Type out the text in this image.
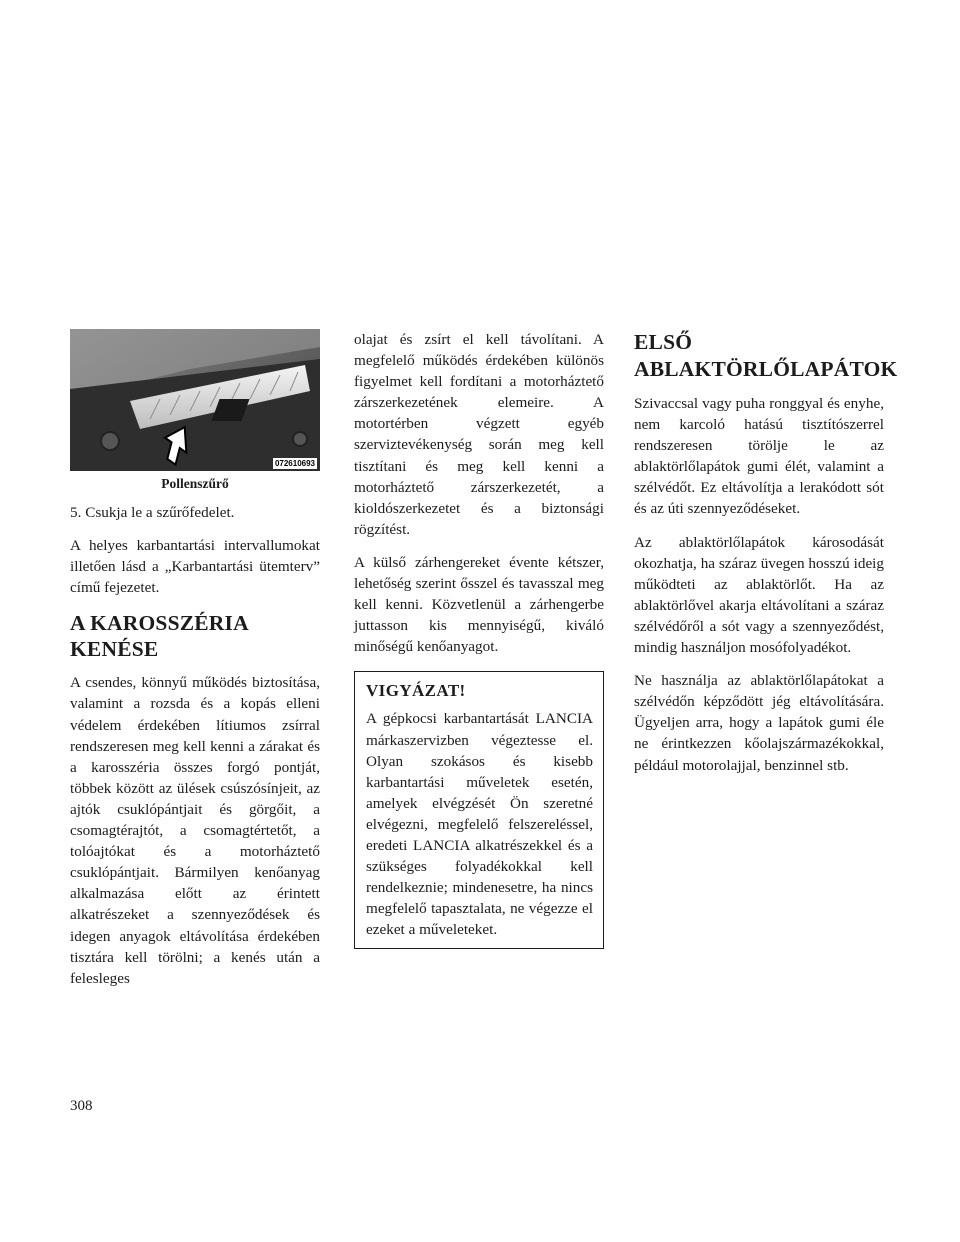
072610693
Pollenszűrő

5. Csukja le a szűrőfedelet.

A helyes karbantartási intervallumokat illetően lásd a „Karbantartási ütemterv” című fejezetet.

A KAROSSZÉRIA KENÉSE

A csendes, könnyű működés biztosítása, valamint a rozsda és a kopás elleni védelem érdekében lítiumos zsírral rendszeresen meg kell kenni a zárakat és a karosszéria összes forgó pontját, többek között az ülések csúszósínjeit, az ajtók csuklópántjait és görgőit, a csomagtérajtót, a csomagtértetőt, a tolóajtókat és a motorháztető csuklópántjait. Bármilyen kenőanyag alkalmazása előtt az érintett alkatrészeket a szennyeződések és idegen anyagok eltávolítása érdekében tisztára kell törölni; a kenés után a felesleges

olajat és zsírt el kell távolítani. A megfelelő működés érdekében különös figyelmet kell fordítani a motorháztető zárszerkezetének elemeire. A motortérben végzett egyéb szerviztevékenység során meg kell tisztítani és meg kell kenni a motorháztető zárszerkezetét, a kioldószerkezetet és a biztonsági rögzítést.

A külső zárhengereket évente kétszer, lehetőség szerint ősszel és tavasszal meg kell kenni. Közvetlenül a zárhengerbe juttasson kis mennyiségű, kiváló minőségű kenőanyagot.

VIGYÁZAT!

A gépkocsi karbantartását LANCIA márkaszervizben végeztesse el. Olyan szokásos és kisebb karbantartási műveletek esetén, amelyek elvégzését Ön szeretné elvégezni, megfelelő felszereléssel, eredeti LANCIA alkatrészekkel és a szükséges folyadékokkal kell rendelkeznie; mindenesetre, ha nincs megfelelő tapasztalata, ne végezze el ezeket a műveleteket.

ELSŐ
ABLAKTÖRLŐLAPÁTOK

Szivaccsal vagy puha ronggyal és enyhe, nem karcoló hatású tisztítószerrel rendszeresen törölje le az ablaktörlőlapátok gumi élét, valamint a szélvédőt. Ez eltávolítja a lerakódott sót és az úti szennyeződéseket.

Az ablaktörlőlapátok károsodását okozhatja, ha száraz üvegen hosszú ideig működteti az ablaktörlőt. Ha az ablaktörlővel akarja eltávolítani a száraz szélvédőről a sót vagy a szennyeződést, mindig használjon mosófolyadékot.

Ne használja az ablaktörlőlapátokat a szélvédőn képződött jég eltávolítására. Ügyeljen arra, hogy a lapátok gumi éle ne érintkezzen kőolajszármazékokkal, például motorolajjal, benzinnel stb.

308
